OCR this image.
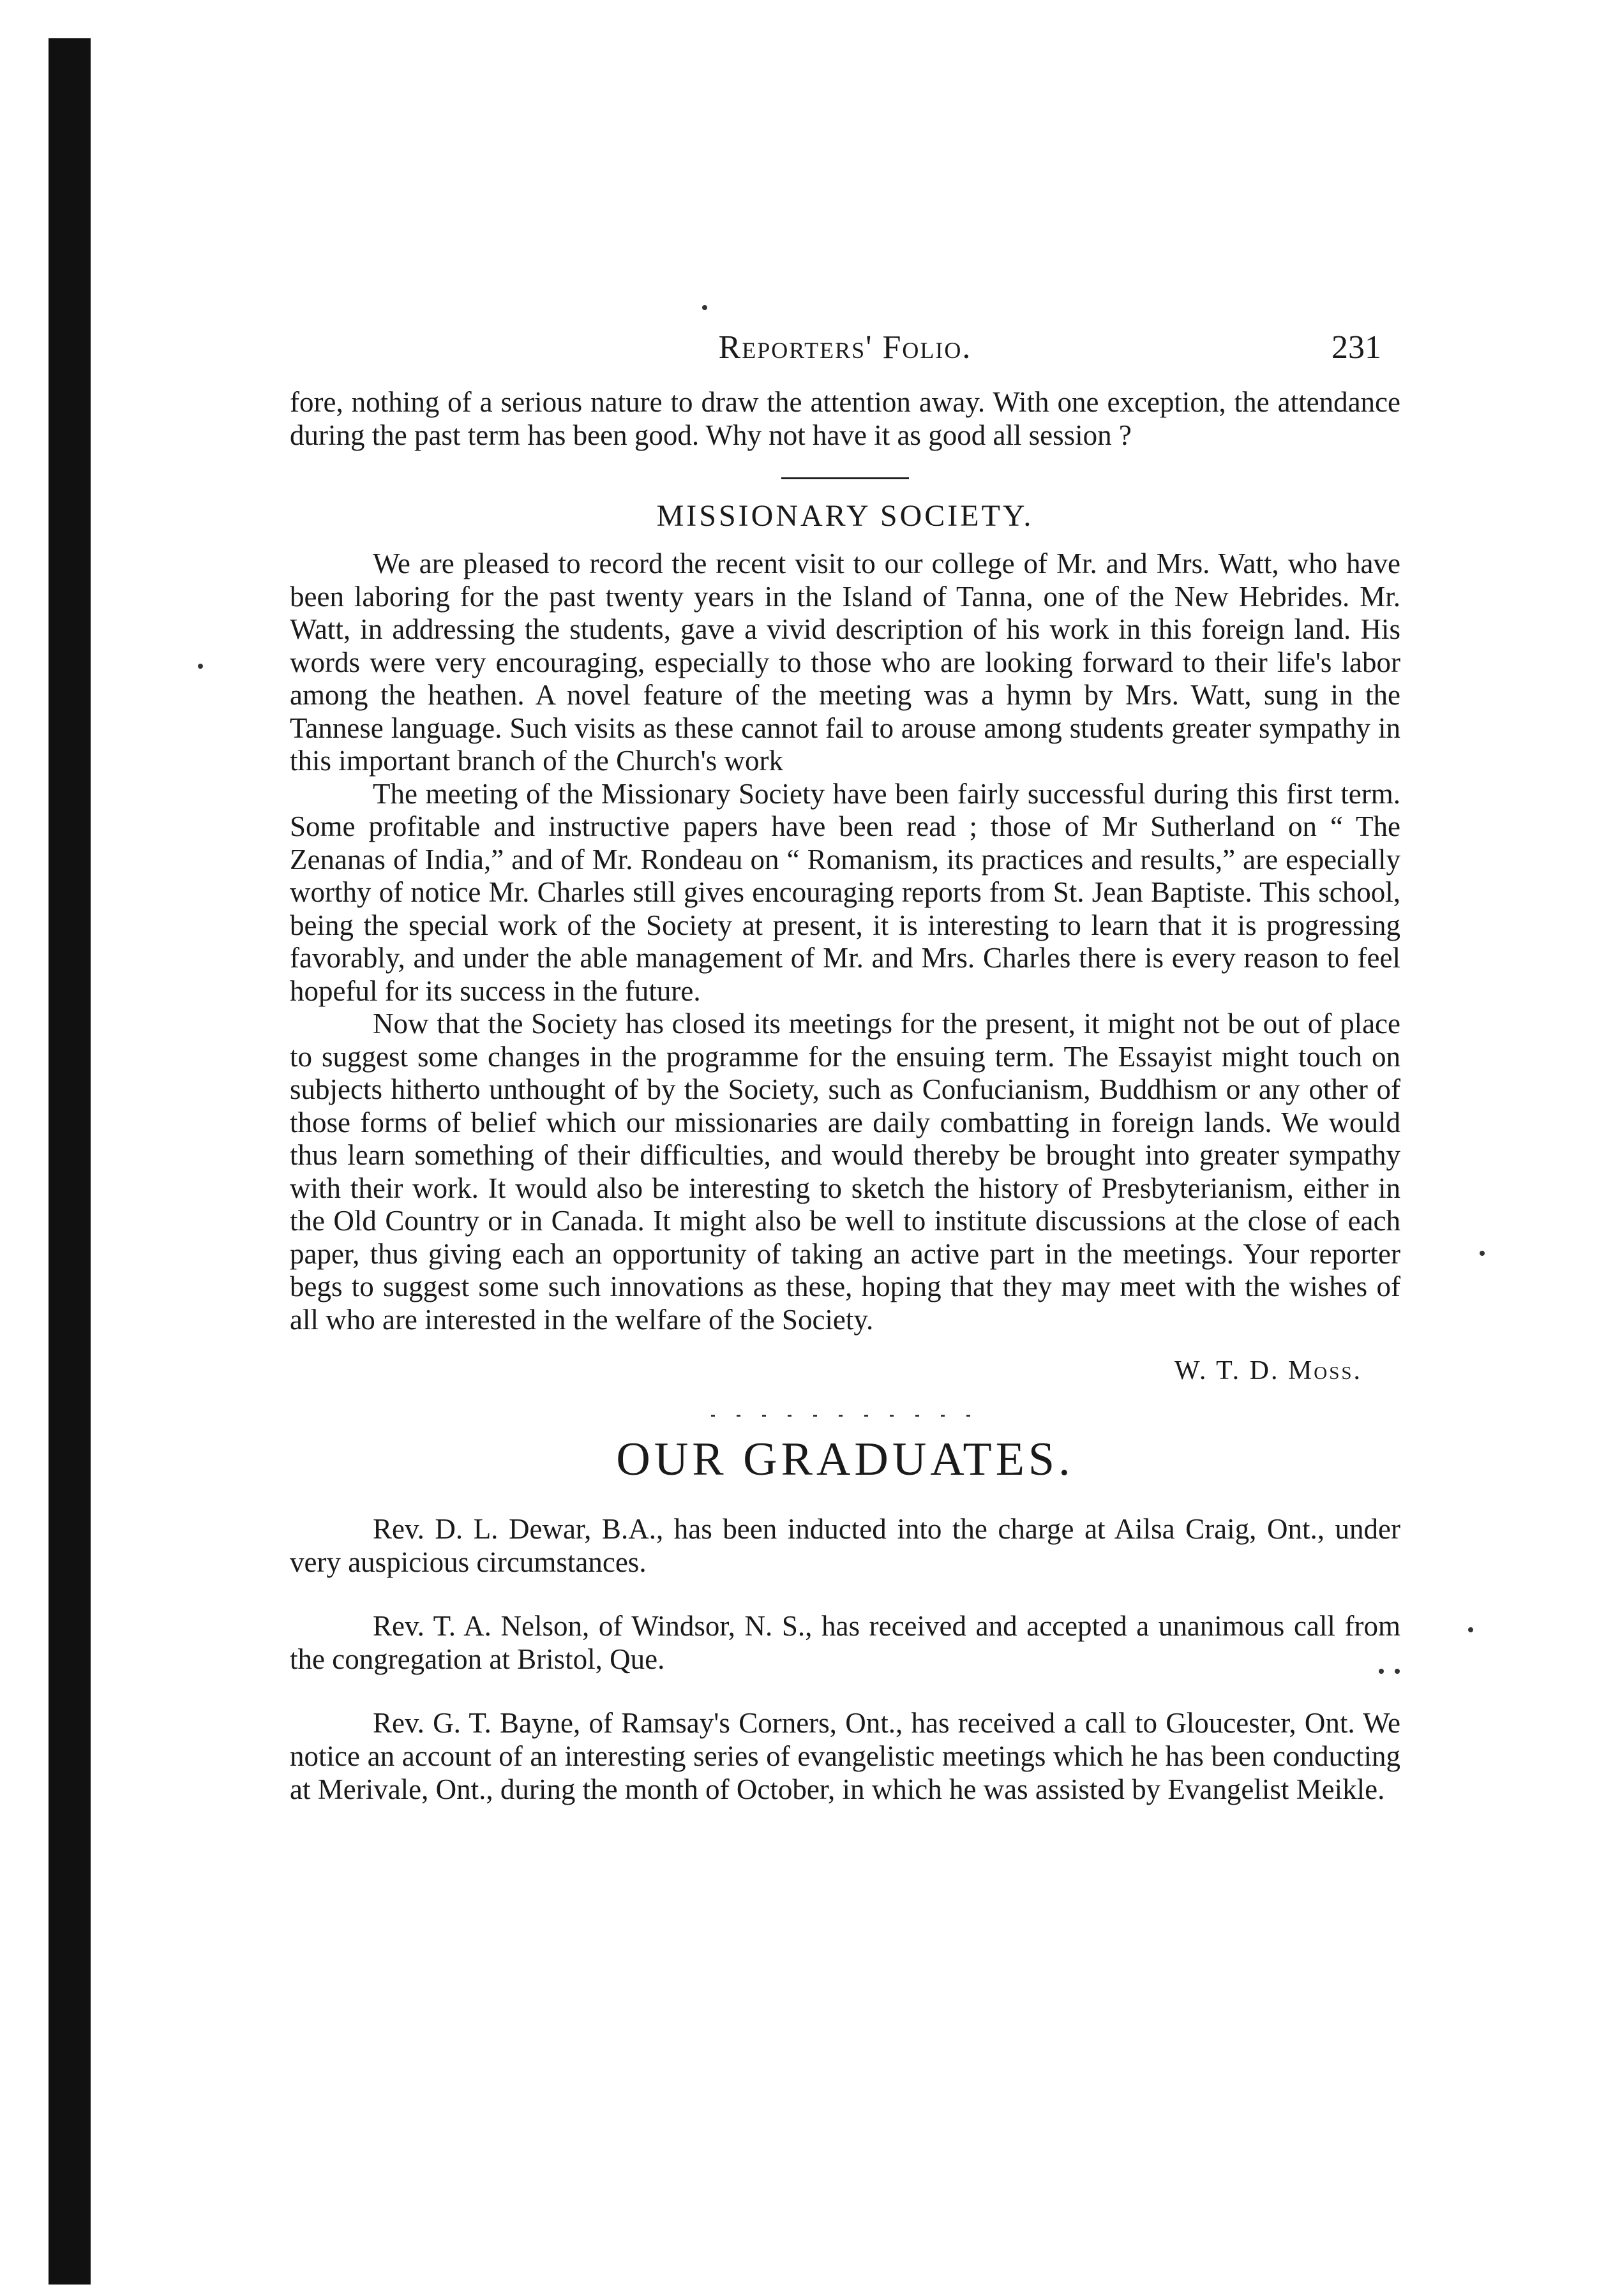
Reporters' Folio.	231

fore, nothing of a serious nature to draw the attention away. With one exception, the attendance during the past term has been good. Why not have it as good all session ?

MISSIONARY SOCIETY.

We are pleased to record the recent visit to our college of Mr. and Mrs. Watt, who have been laboring for the past twenty years in the Island of Tanna, one of the New Hebrides. Mr. Watt, in addressing the students, gave a vivid description of his work in this foreign land. His words were very encouraging, especially to those who are looking forward to their life's labor among the heathen. A novel feature of the meeting was a hymn by Mrs. Watt, sung in the Tannese language. Such visits as these cannot fail to arouse among students greater sympathy in this important branch of the Church's work

The meeting of the Missionary Society have been fairly successful during this first term. Some profitable and instructive papers have been read ; those of Mr Sutherland on “ The Zenanas of India,” and of Mr. Rondeau on “ Romanism, its practices and results,” are especially worthy of notice Mr. Charles still gives encouraging reports from St. Jean Baptiste. This school, being the special work of the Society at present, it is interesting to learn that it is progressing favorably, and under the able management of Mr. and Mrs. Charles there is every reason to feel hopeful for its success in the future.

Now that the Society has closed its meetings for the present, it might not be out of place to suggest some changes in the programme for the ensuing term. The Essayist might touch on subjects hitherto unthought of by the Society, such as Confucianism, Buddhism or any other of those forms of belief which our missionaries are daily combatting in foreign lands. We would thus learn something of their difficulties, and would thereby be brought into greater sympathy with their work. It would also be interesting to sketch the history of Presbyterianism, either in the Old Country or in Canada. It might also be well to institute discussions at the close of each paper, thus giving each an opportunity of taking an active part in the meetings. Your reporter begs to suggest some such innovations as these, hoping that they may meet with the wishes of all who are interested in the welfare of the Society.

W. T. D. Moss.
OUR GRADUATES.

Rev. D. L. Dewar, B.A., has been inducted into the charge at Ailsa Craig, Ont., under very auspicious circumstances.

Rev. T. A. Nelson, of Windsor, N. S., has received and accepted a unanimous call from the congregation at Bristol, Que.

Rev. G. T. Bayne, of Ramsay's Corners, Ont., has received a call to Gloucester, Ont. We notice an account of an interesting series of evangelistic meetings which he has been conducting at Merivale, Ont., during the month of October, in which he was assisted by Evangelist Meikle.
